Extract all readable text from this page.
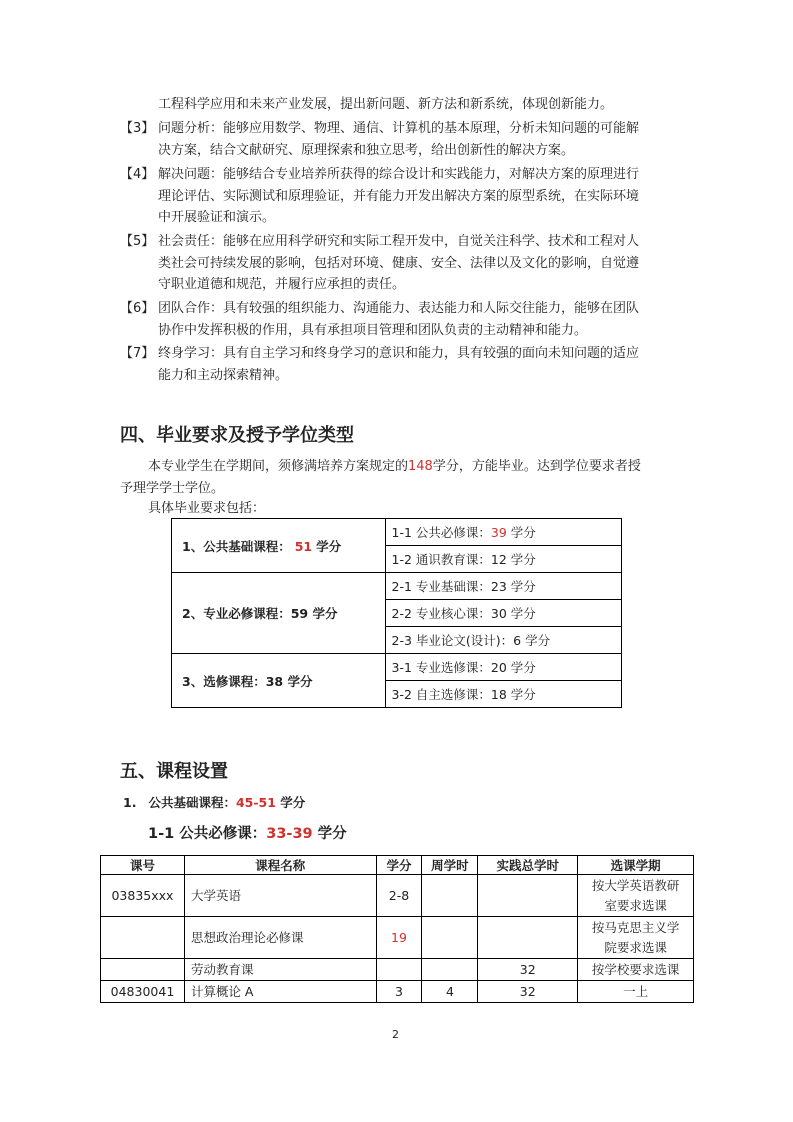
工程科学应用和未来产业发展，提出新问题、新方法和新系统，体现创新能力。
【3】 问题分析：能够应用数学、物理、通信、计算机的基本原理，分析未知问题的可能解
决方案，结合文献研究、原理探索和独立思考，给出创新性的解决方案。
【4】 解决问题：能够结合专业培养所获得的综合设计和实践能力，对解决方案的原理进行
理论评估、实际测试和原理验证，并有能力开发出解决方案的原型系统，在实际环境
中开展验证和演示。
【5】 社会责任：能够在应用科学研究和实际工程开发中，自觉关注科学、技术和工程对人
类社会可持续发展的影响，包括对环境、健康、安全、法律以及文化的影响，自觉遵
守职业道德和规范，并履行应承担的责任。
【6】 团队合作：具有较强的组织能力、沟通能力、表达能力和人际交往能力，能够在团队
协作中发挥积极的作用，具有承担项目管理和团队负责的主动精神和能力。
【7】 终身学习：具有自主学习和终身学习的意识和能力，具有较强的面向未知问题的适应
能力和主动探索精神。
四、毕业要求及授予学位类型
本专业学生在学期间，须修满培养方案规定的148学分，方能毕业。达到学位要求者授
予理学学士学位。
具体毕业要求包括：
1、公共基础课程： 51 学分	1-1 公共必修课：39 学分
	1-2 通识教育课：12 学分
2、专业必修课程：59 学分	2-1 专业基础课：23 学分
	2-2 专业核心课：30 学分
	2-3 毕业论文(设计)：6 学分
3、选修课程：38 学分	3-1 专业选修课：20 学分
	3-2 自主选修课：18 学分
五、课程设置
1. 公共基础课程：45-51 学分
1-1 公共必修课：33-39 学分
课号	课程名称	学分	周学时	实践总学时	选课学期
03835xxx	大学英语	2-8			按大学英语教研室要求选课
	思想政治理论必修课	19			按马克思主义学院要求选课
	劳动教育课			32	按学校要求选课
04830041	计算概论 A	3	4	32	一上
2
